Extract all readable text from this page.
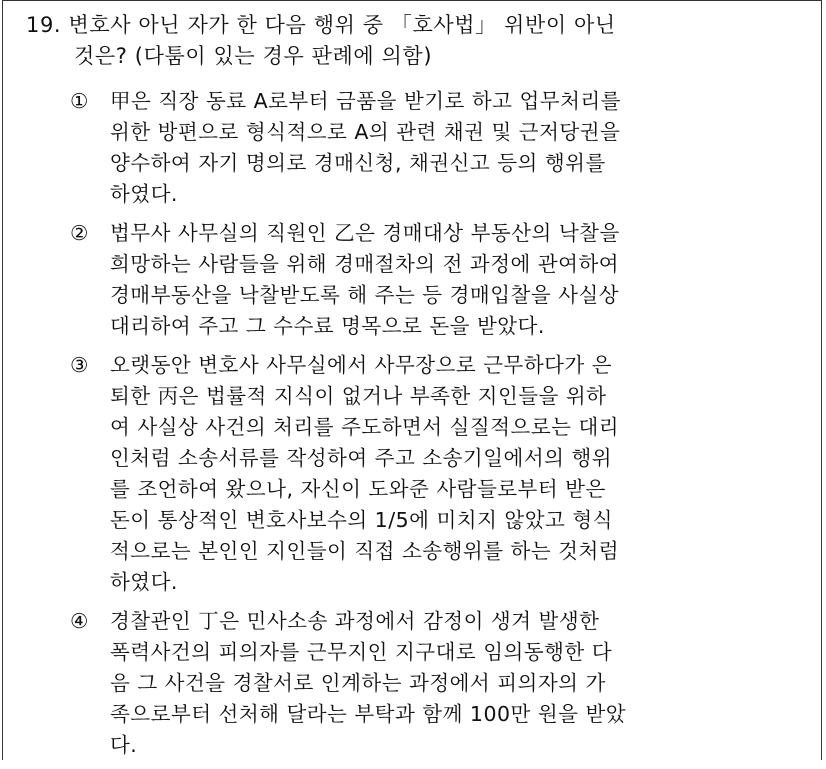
19. 변호사 아닌 자가 한 다음 행위 중 「호사법」 위반이 아닌
것은? (다툼이 있는 경우 판례에 의함)
①	甲은 직장 동료 A로부터 금품을 받기로 하고 업무처리를
위한 방편으로 형식적으로 A의 관련 채권 및 근저당권을
양수하여 자기 명의로 경매신청, 채권신고 등의 행위를
하였다.
②	법무사 사무실의 직원인 乙은 경매대상 부동산의 낙찰을
희망하는 사람들을 위해 경매절차의 전 과정에 관여하여
경매부동산을 낙찰받도록 해 주는 등 경매입찰을 사실상
대리하여 주고 그 수수료 명목으로 돈을 받았다.
③	오랫동안 변호사 사무실에서 사무장으로 근무하다가 은
퇴한 丙은 법률적 지식이 없거나 부족한 지인들을 위하
여 사실상 사건의 처리를 주도하면서 실질적으로는 대리
인처럼 소송서류를 작성하여 주고 소송기일에서의 행위
를 조언하여 왔으나, 자신이 도와준 사람들로부터 받은
돈이 통상적인 변호사보수의 1/5에 미치지 않았고 형식
적으로는 본인인 지인들이 직접 소송행위를 하는 것처럼
하였다.
④	경찰관인 丁은 민사소송 과정에서 감정이 생겨 발생한
폭력사건의 피의자를 근무지인 지구대로 임의동행한 다
음 그 사건을 경찰서로 인계하는 과정에서 피의자의 가
족으로부터 선처해 달라는 부탁과 함께 100만 원을 받았
다.
